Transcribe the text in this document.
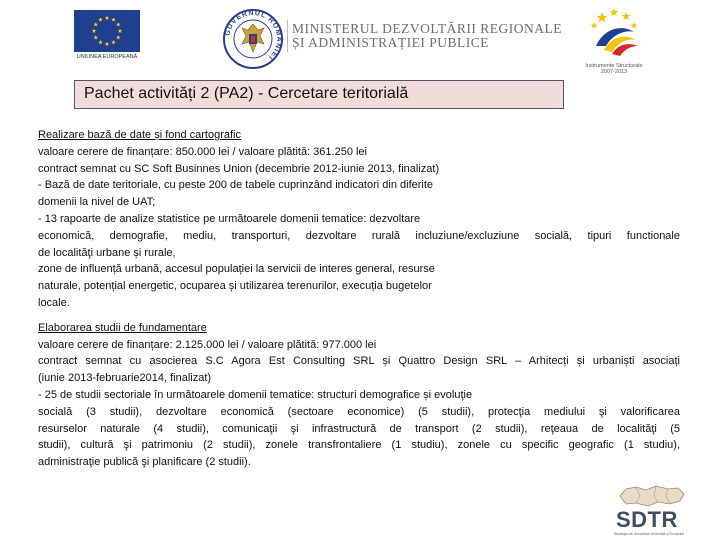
UNIUNEA EUROPEANĂ
GUVERNUL ROMÂNIEI
MINISTERUL DEZVOLTĂRII REGIONALE
ȘI ADMINISTRAȚIEI PUBLICE
Instrumente Structurale
2007-2013
Pachet activități 2 (PA2) - Cercetare teritorială
Realizare bază de date și fond cartografic
valoare cerere de finanțare: 850.000 lei / valoare plătită: 361.250 lei
contract semnat cu SC Soft Businnes Union (decembrie 2012-iunie 2013, finalizat)
- Bază de date teritoriale, cu peste 200 de tabele cuprinzând indicatori din diferite
domenii la nivel de UAT;
- 13 rapoarte de analize statistice pe următoarele domenii tematice: dezvoltare
economică, demografie, mediu, transporturi, dezvoltare rurală incluziune/excluziune socială, tipuri functionale
de localităţi urbane și rurale,
zone de influență urbană, accesul populației la servicii de interes general, resurse
naturale, potențial energetic, ocuparea și utilizarea terenurilor, execuția bugetelor
locale.
Elaborarea studii de fundamentare
valoare cerere de finanțare: 2.125.000 lei / valoare plătită: 977.000 lei
contract semnat cu asocierea S.C Agora Est Consulting SRL și Quattro Design SRL – Arhitecți și urbaniști asociați
(iunie 2013-februarie2014, finalizat)
- 25 de studii sectoriale în următoarele domenii tematice: structuri demografice și evoluţie
socială (3 studii), dezvoltare economică (sectoare economice) (5 studii), protecţia mediului şi valorificarea
resurselor naturale (4 studii), comunicaţii şi infrastructură de transport (2 studii), reţeaua de localităţi (5
studii), cultură şi patrimoniu (2 studii), zonele transfrontaliere (1 studiu), zonele cu specific geografic (1 studiu),
administraţie publică şi planificare (2 studii).
SDTR
Strategia de dezvoltare teritorială a României
